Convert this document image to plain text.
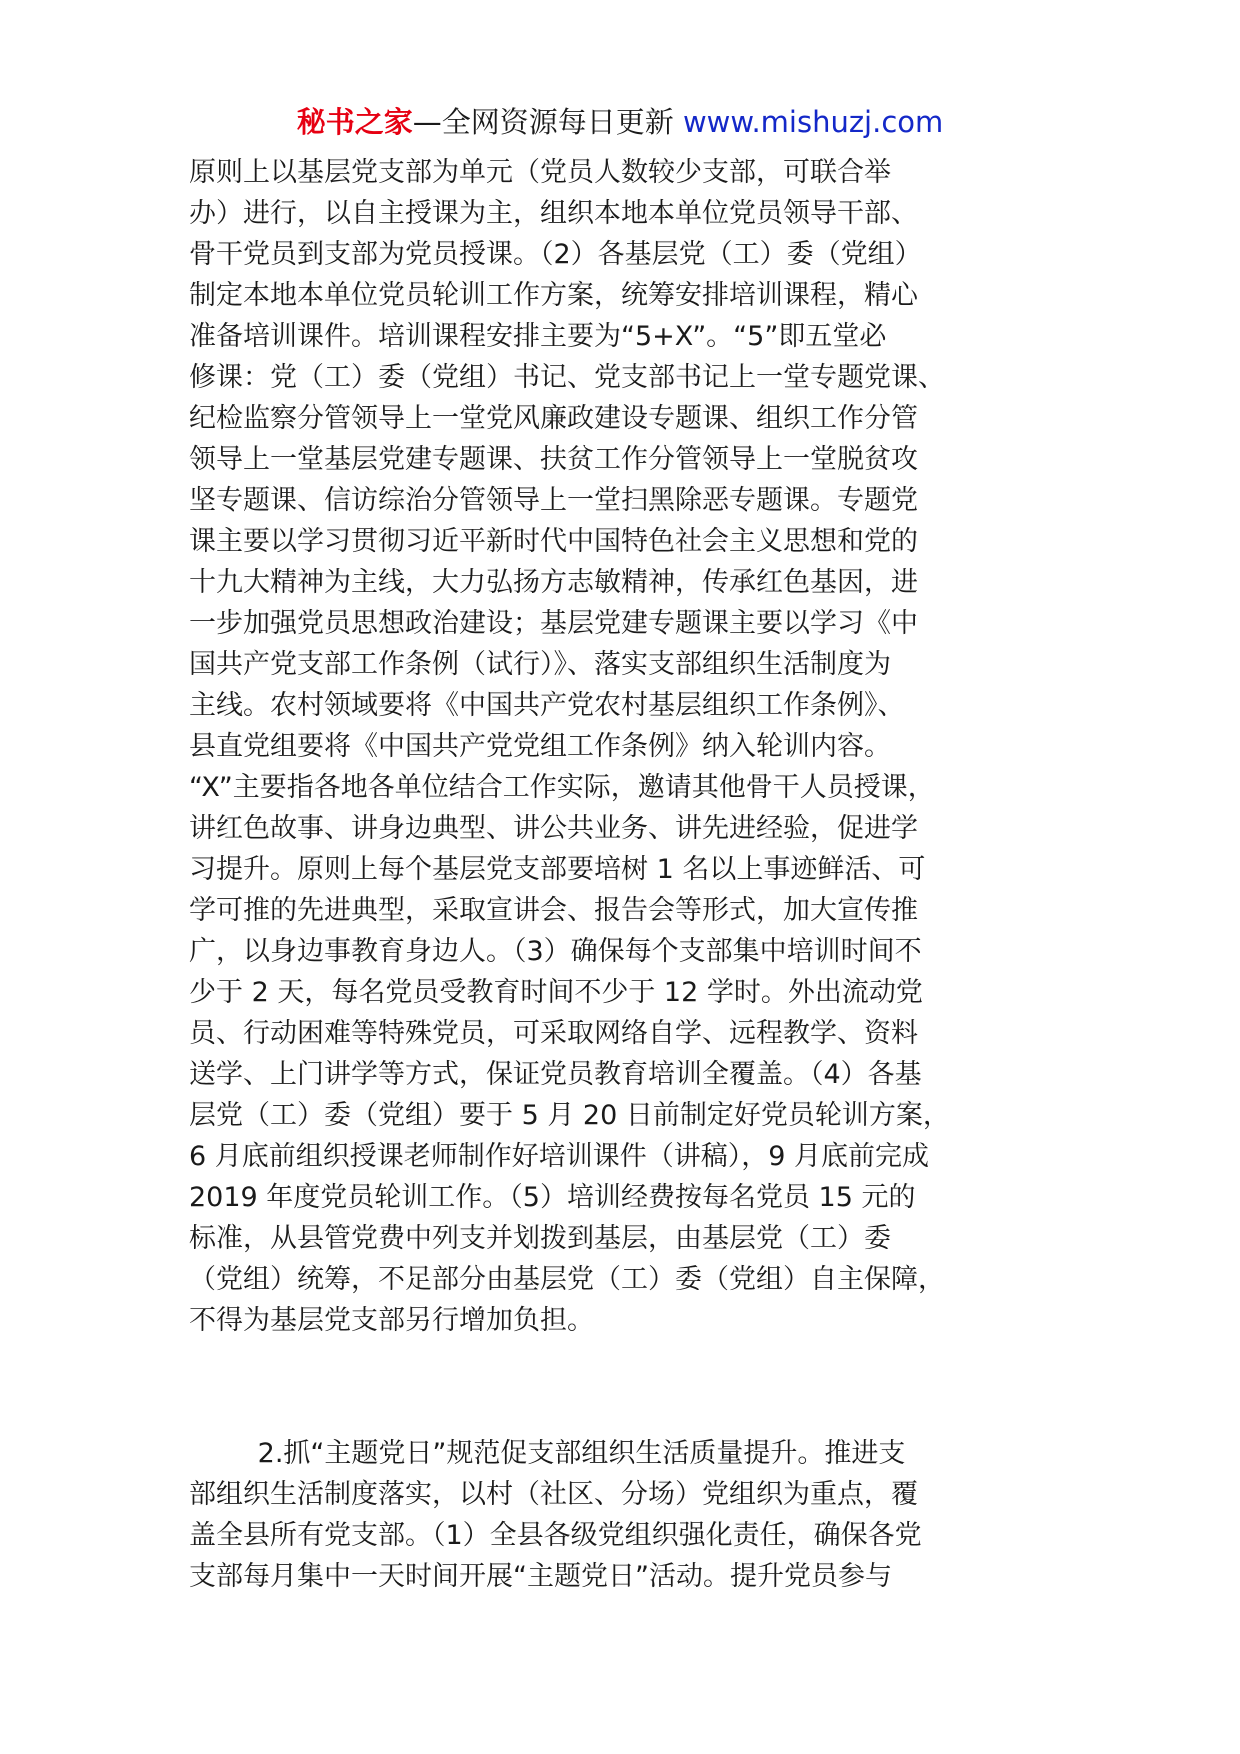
秘书之家—全网资源每日更新 www.mishuzj.com
原则上以基层党支部为单元（党员人数较少支部，可联合举
办）进行，以自主授课为主，组织本地本单位党员领导干部、
骨干党员到支部为党员授课。（2）各基层党（工）委（党组）
制定本地本单位党员轮训工作方案，统筹安排培训课程，精心
准备培训课件。培训课程安排主要为“5+X”。“5”即五堂必
修课：党（工）委（党组）书记、党支部书记上一堂专题党课、
纪检监察分管领导上一堂党风廉政建设专题课、组织工作分管
领导上一堂基层党建专题课、扶贫工作分管领导上一堂脱贫攻
坚专题课、信访综治分管领导上一堂扫黑除恶专题课。专题党
课主要以学习贯彻习近平新时代中国特色社会主义思想和党的
十九大精神为主线，大力弘扬方志敏精神，传承红色基因，进
一步加强党员思想政治建设；基层党建专题课主要以学习《中
国共产党支部工作条例（试行）》、落实支部组织生活制度为
主线。农村领域要将《中国共产党农村基层组织工作条例》、
县直党组要将《中国共产党党组工作条例》纳入轮训内容。
“X”主要指各地各单位结合工作实际，邀请其他骨干人员授课，
讲红色故事、讲身边典型、讲公共业务、讲先进经验，促进学
习提升。原则上每个基层党支部要培树 1 名以上事迹鲜活、可
学可推的先进典型，采取宣讲会、报告会等形式，加大宣传推
广，以身边事教育身边人。（3）确保每个支部集中培训时间不
少于 2 天，每名党员受教育时间不少于 12 学时。外出流动党
员、行动困难等特殊党员，可采取网络自学、远程教学、资料
送学、上门讲学等方式，保证党员教育培训全覆盖。（4）各基
层党（工）委（党组）要于 5 月 20 日前制定好党员轮训方案，
6 月底前组织授课老师制作好培训课件（讲稿），9 月底前完成
2019 年度党员轮训工作。（5）培训经费按每名党员 15 元的
标准，从县管党费中列支并划拨到基层，由基层党（工）委
（党组）统筹，不足部分由基层党（工）委（党组）自主保障，
不得为基层党支部另行增加负担。
2.抓“主题党日”规范促支部组织生活质量提升。推进支
部组织生活制度落实，以村（社区、分场）党组织为重点，覆
盖全县所有党支部。（1）全县各级党组织强化责任，确保各党
支部每月集中一天时间开展“主题党日”活动。提升党员参与
